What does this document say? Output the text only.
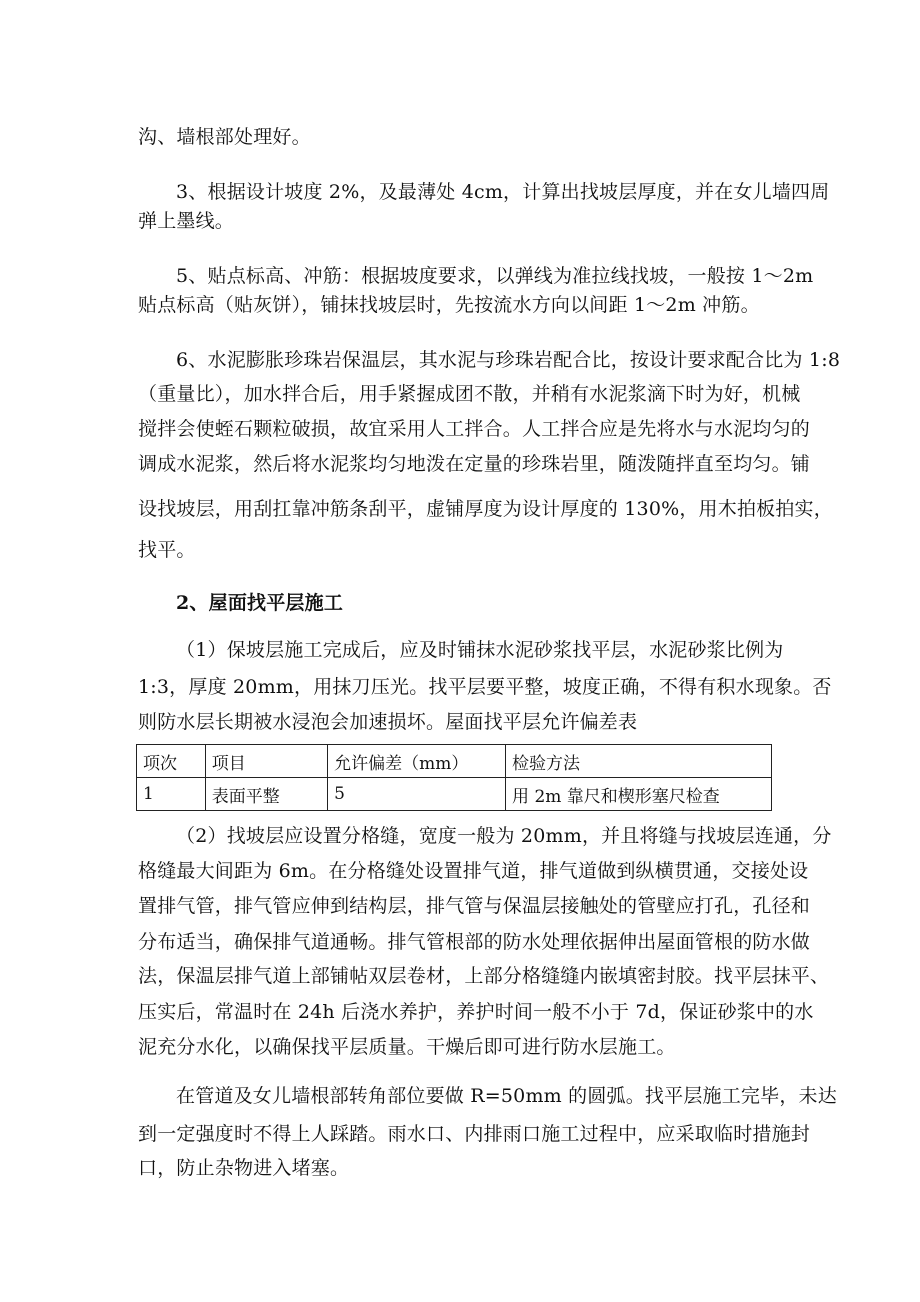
沟、墙根部处理好。
3、根据设计坡度 2%，及最薄处 4cm，计算出找坡层厚度，并在女儿墙四周
弹上墨线。
5、贴点标高、冲筋：根据坡度要求，以弹线为准拉线找坡，一般按 1～2m
贴点标高（贴灰饼），铺抹找坡层时，先按流水方向以间距 1～2m 冲筋。
6、水泥膨胀珍珠岩保温层，其水泥与珍珠岩配合比，按设计要求配合比为 1:8
（重量比），加水拌合后，用手紧握成团不散，并稍有水泥浆滴下时为好，机械
搅拌会使蛭石颗粒破损，故宜采用人工拌合。人工拌合应是先将水与水泥均匀的
调成水泥浆，然后将水泥浆均匀地泼在定量的珍珠岩里，随泼随拌直至均匀。铺
设找坡层，用刮扛靠冲筋条刮平，虚铺厚度为设计厚度的 130%，用木拍板拍实，
找平。
2、屋面找平层施工
（1）保坡层施工完成后，应及时铺抹水泥砂浆找平层，水泥砂浆比例为
1:3，厚度 20mm，用抹刀压光。找平层要平整，坡度正确，不得有积水现象。否
则防水层长期被水浸泡会加速损坏。屋面找平层允许偏差表
项次	项目	允许偏差（mm）	检验方法
1	表面平整	5	用 2m 靠尺和楔形塞尺检查
（2）找坡层应设置分格缝，宽度一般为 20mm，并且将缝与找坡层连通，分
格缝最大间距为 6m。在分格缝处设置排气道，排气道做到纵横贯通，交接处设
置排气管，排气管应伸到结构层，排气管与保温层接触处的管壁应打孔，孔径和
分布适当，确保排气道通畅。排气管根部的防水处理依据伸出屋面管根的防水做
法，保温层排气道上部铺帖双层卷材，上部分格缝缝内嵌填密封胶。找平层抹平、
压实后，常温时在 24h 后浇水养护，养护时间一般不小于 7d，保证砂浆中的水
泥充分水化，以确保找平层质量。干燥后即可进行防水层施工。
在管道及女儿墙根部转角部位要做 R=50mm 的圆弧。找平层施工完毕，未达
到一定强度时不得上人踩踏。雨水口、内排雨口施工过程中，应采取临时措施封
口，防止杂物进入堵塞。
